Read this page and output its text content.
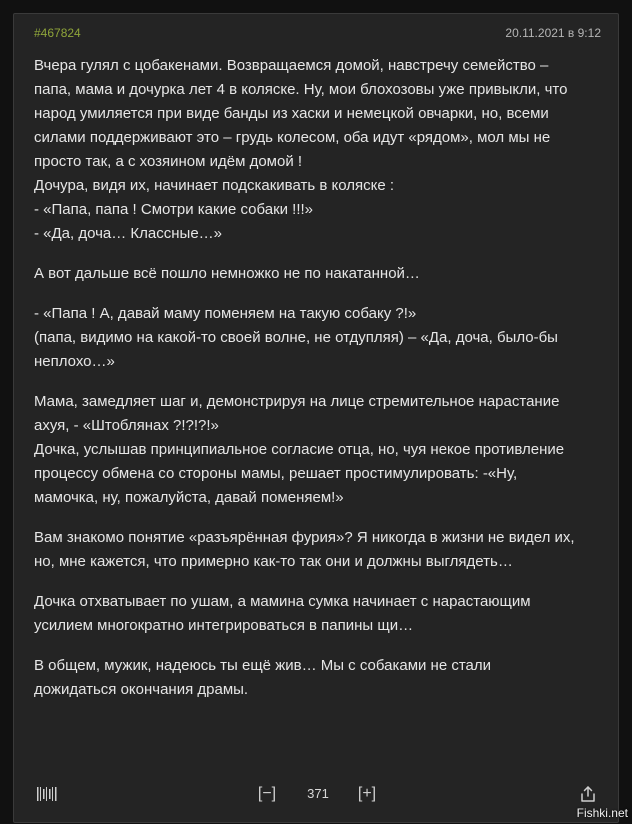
#467824	20.11.2021 в 9:12
Вчера гулял с цобакенами. Возвращаемся домой, навстречу семейство –
папа, мама и дочурка лет 4 в коляске. Ну, мои блохозовы уже привыкли, что
народ умиляется при виде банды из хаски и немецкой овчарки, но, всеми
силами поддерживают это – грудь колесом, оба идут «рядом», мол мы не
просто так, а с хозяином идём домой !
Дочура, видя их, начинает подскакивать в коляске :
- «Папа, папа ! Смотри какие собаки !!!»
- «Да, доча… Классные…»
А вот дальше всё пошло немножко не по накатанной…
- «Папа ! А, давай маму поменяем на такую собаку ?!»
(папа, видимо на какой-то своей волне, не отдупляя) – «Да, доча, было-бы
неплохо…»
Мама, замедляет шаг и, демонстрируя на лице стремительное нарастание
ахуя, - «Штоблянах ?!?!?!»
Дочка, услышав принципиальное согласие отца, но, чуя некое противление
процессу обмена со стороны мамы, решает простимулировать: -«Ну,
мамочка, ну, пожалуйста, давай поменяем!»
Вам знакомо понятие «разъярённая фурия»? Я никогда в жизни не видел их,
но, мне кажется, что примерно как-то так они и должны выглядеть…
Дочка отхватывает по ушам, а мамина сумка начинает с нарастающим
усилием многократно интегрироваться в папины щи…
В общем, мужик, надеюсь ты ещё жив… Мы с собаками не стали
дожидаться окончания драмы.
[−]	371	[+]
Fishki.net
